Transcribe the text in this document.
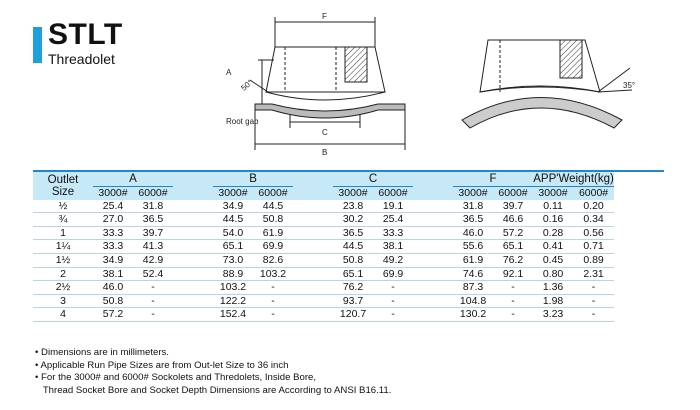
STLT
Threadolet
F
A
50°
Root gab
C
B
35°
Outlet
Size	A			B			C			F		APP'Weight(kg)	
	3000#	6000#		3000#	6000#		3000#	6000#		3000#	6000#	3000#	6000#
½	25.4	31.8		34.9	44.5		23.8	19.1		31.8	39.7	0.11	0.20
¾	27.0	36.5		44.5	50.8		30.2	25.4		36.5	46.6	0.16	0.34
1	33.3	39.7		54.0	61.9		36.5	33.3		46.0	57.2	0.28	0.56
1¼	33.3	41.3		65.1	69.9		44.5	38.1		55.6	65.1	0.41	0.71
1½	34.9	42.9		73.0	82.6		50.8	49.2		61.9	76.2	0.45	0.89
2	38.1	52.4		88.9	103.2		65.1	69.9		74.6	92.1	0.80	2.31
2½	46.0	-		103.2	-		76.2	-		87.3	-	1.36	-
3	50.8	-		122.2	-		93.7	-		104.8	-	1.98	-
4	57.2	-		152.4	-		120.7	-		130.2	-	3.23	-
• Dimensions are in millimeters.
• Applicable Run Pipe Sizes are from Out-let Size to 36 inch
• For the 3000# and 6000# Sockolets and Thredolets, Inside Bore,
Thread Socket Bore and Socket Depth Dimensions are According to ANSI B16.11.
